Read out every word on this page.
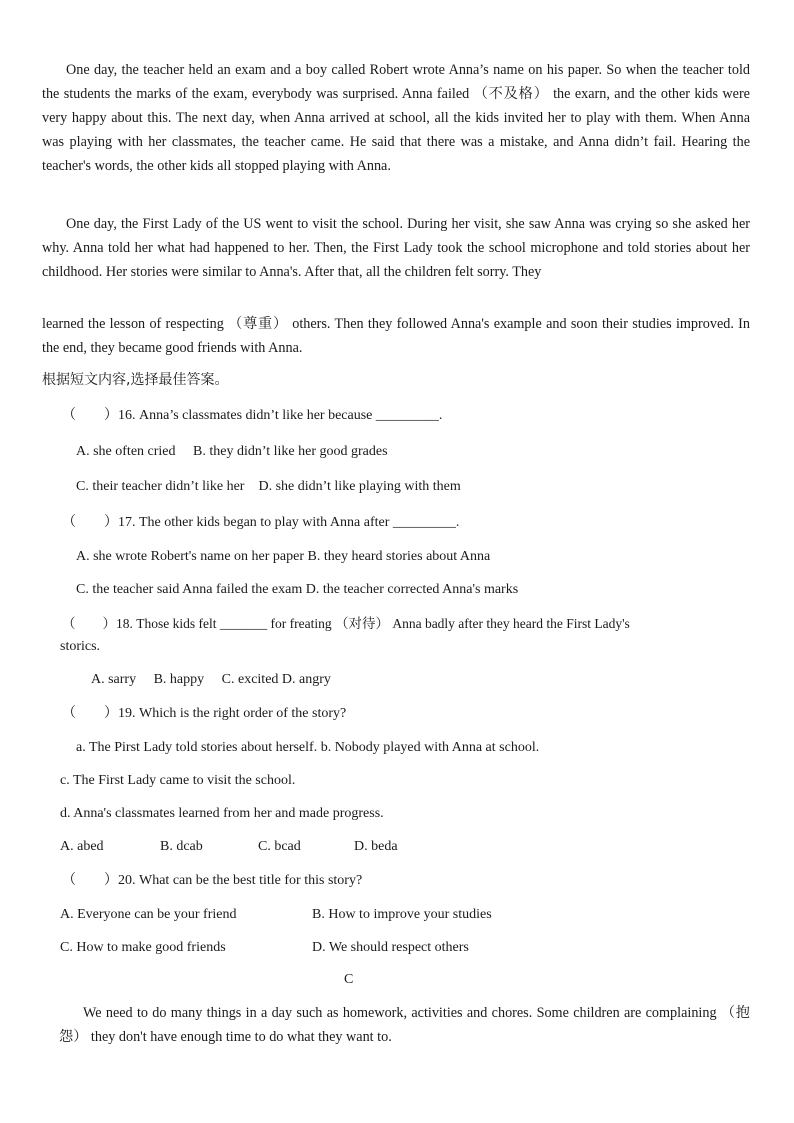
One day, the teacher held an exam and a boy called Robert wrote Anna’s name on his paper. So when the teacher told the students the marks of the exam, everybody was surprised. Anna failed （不及格） the exarn, and the other kids were very happy about this. The next day, when Anna arrived at school, all the kids invited her to play with them. When Anna was playing with her classmates, the teacher came. He said that there was a mistake, and Anna didn’t fail. Hearing the teacher's words, the other kids all stopped playing with Anna.
One day, the First Lady of the US went to visit the school. During her visit, she saw Anna was crying so she asked her why. Anna told her what had happened to her. Then, the First Lady took the school microphone and told stories about her childhood. Her stories were similar to Anna's. After that, all the children felt sorry. They
learned the lesson of respecting （尊重） others. Then they followed Anna's example and soon their studies improved. In the end, they became good friends with Anna.
根据短文内容,选择最佳答案。
（　　）16. Anna’s classmates didn’t like her because _________.
A. she often cried　 B. they didn’t like her good grades
C. their teacher didn’t like her　D. she didn’t like playing with them
（　　）17. The other kids began to play with Anna after _________.
A. she wrote Robert's name on her paper B. they heard stories about Anna
C. the teacher said Anna failed the exam D. the teacher corrected Anna's marks
（　　）18. Those kids felt _______ for freating （对待） Anna badly after they heard the First Lady's
storics.
A. sarry　 B. happy　 C. excited D. angry
（　　）19. Which is the right order of the story?
a. The Pirst Lady told stories about herself. b. Nobody played with Anna at school.
c. The First Lady came to visit the school.
d. Anna's classmates learned from her and made progress.
A. abed	B. dcab	C. bcad	D. beda
（　　）20. What can be the best title for this story?
A. Everyone can be your friend	B. How to improve your studies
C. How to make good friends	D. We should respect others
C
We need to do many things in a day such as homework, activities and chores. Some children are complaining （抱怨） they don't have enough time to do what they want to.
